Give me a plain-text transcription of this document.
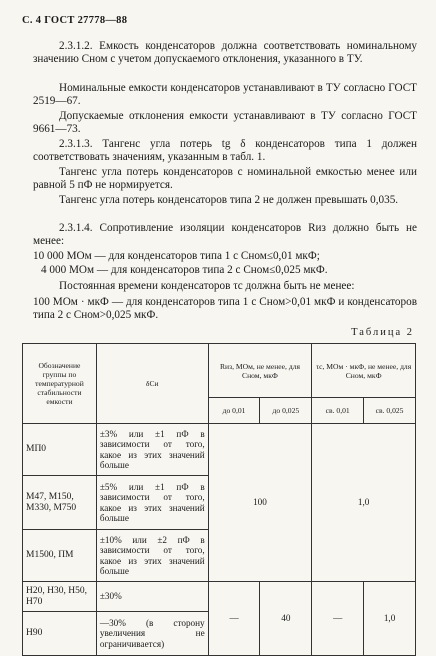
С. 4 ГОСТ 27778—88
2.3.1.2. Емкость конденсаторов должна соответствовать номинальному значению Cном с учетом допускаемого отклонения, указанного в ТУ.
Номинальные емкости конденсаторов устанавливают в ТУ согласно ГОСТ 2519—67.
Допускаемые отклонения емкости устанавливают в ТУ согласно ГОСТ 9661—73.
2.3.1.3. Тангенс угла потерь tg δ конденсаторов типа 1 должен соответствовать значениям, указанным в табл. 1.
Тангенс угла потерь конденсаторов с номинальной емкостью менее или равной 5 пФ не нормируется.
Тангенс угла потерь конденсаторов типа 2 не должен превышать 0,035.
2.3.1.4. Сопротивление изоляции конденсаторов Rиз должно быть не менее:
10 000 МОм — для конденсаторов типа 1 с Cном≤0,01 мкФ;
4 000 МОм — для конденсаторов типа 2 с Cном≤0,025 мкФ.
Постоянная времени конденсаторов τc должна быть не менее:
100 МОм · мкФ — для конденсаторов типа 1 с Cном>0,01 мкФ и конденсаторов типа 2 с Cном>0,025 мкФ.
Таблица 2
Обозначение группы по температурной стабильности емкости	δCи	Rиз, МОм, не менее, для Cном, мкФ		τс, МОм · мкФ, не менее, для Cном, мкФ	
		до 0,01	до 0,025	св. 0,01	св. 0,025
МП0	±3% или ±1 пФ в зависимости от того, какое из этих значений больше	100		1,0	
М47, М150, М330, М750	±5% или ±1 пФ в зависимости от того, какое из этих значений больше				
М1500, ПМ	±10% или ±2 пФ в зависимости от того, какое из этих значений больше				
Н20, Н30, Н50, Н70	±30%	—	40	—	1,0
Н90	—30% (в сторону увеличения не ограничивается)				
